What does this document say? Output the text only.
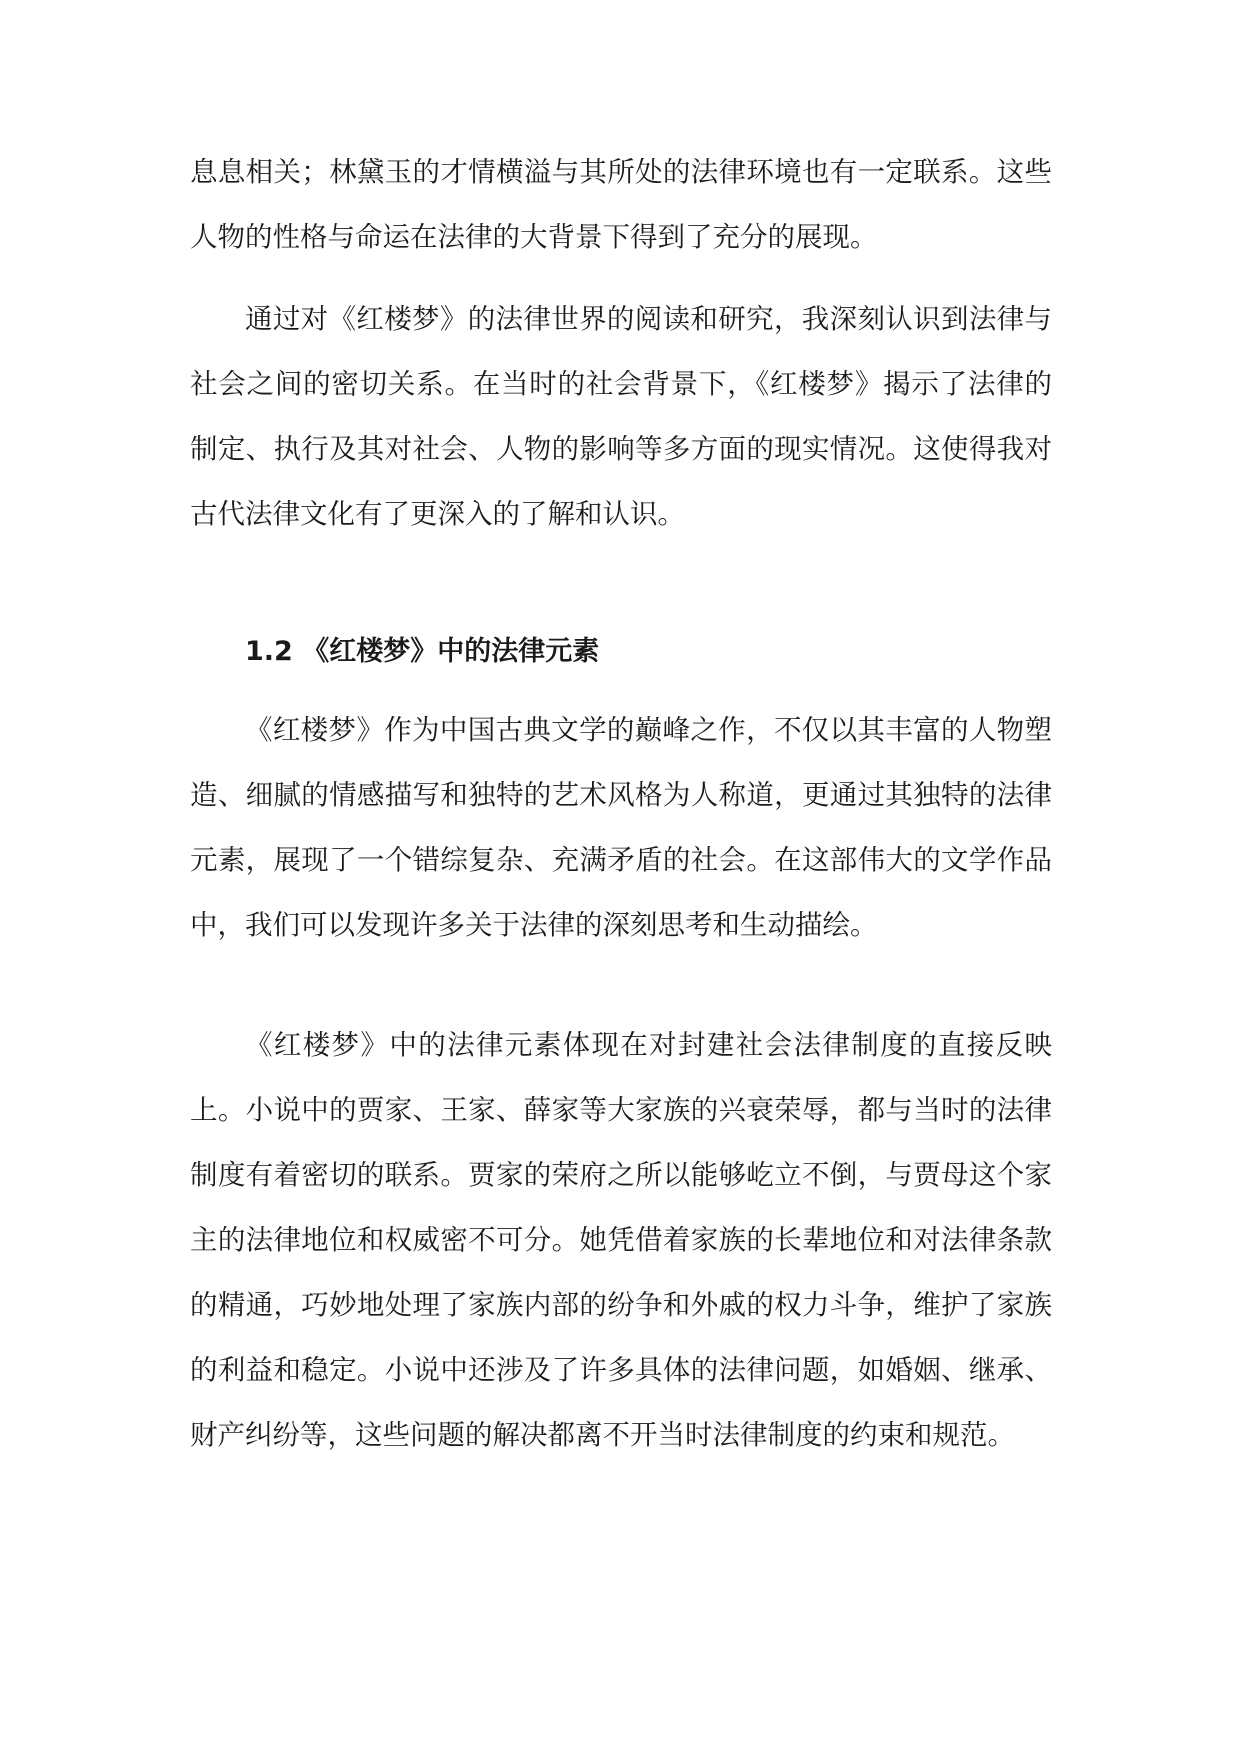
息息相关；林黛玉的才情横溢与其所处的法律环境也有一定联系。这些人物的性格与命运在法律的大背景下得到了充分的展现。

通过对《红楼梦》的法律世界的阅读和研究，我深刻认识到法律与社会之间的密切关系。在当时的社会背景下，《红楼梦》揭示了法律的制定、执行及其对社会、人物的影响等多方面的现实情况。这使得我对古代法律文化有了更深入的了解和认识。

1.2 《红楼梦》中的法律元素

《红楼梦》作为中国古典文学的巅峰之作，不仅以其丰富的人物塑造、细腻的情感描写和独特的艺术风格为人称道，更通过其独特的法律元素，展现了一个错综复杂、充满矛盾的社会。在这部伟大的文学作品中，我们可以发现许多关于法律的深刻思考和生动描绘。

《红楼梦》中的法律元素体现在对封建社会法律制度的直接反映上。小说中的贾家、王家、薛家等大家族的兴衰荣辱，都与当时的法律制度有着密切的联系。贾家的荣府之所以能够屹立不倒，与贾母这个家主的法律地位和权威密不可分。她凭借着家族的长辈地位和对法律条款的精通，巧妙地处理了家族内部的纷争和外戚的权力斗争，维护了家族的利益和稳定。小说中还涉及了许多具体的法律问题，如婚姻、继承、财产纠纷等，这些问题的解决都离不开当时法律制度的约束和规范。
